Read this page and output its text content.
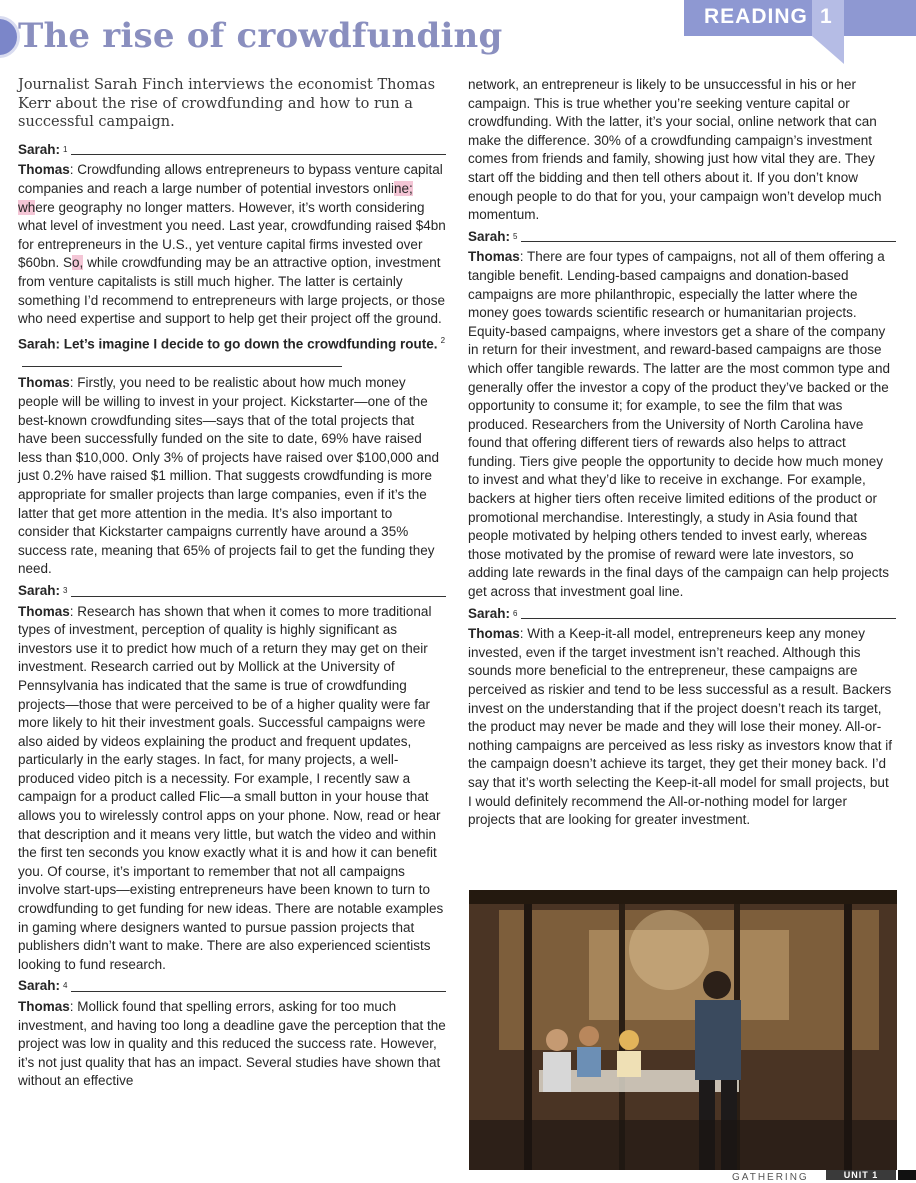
The rise of crowdfunding	READING 1

Journalist Sarah Finch interviews the economist Thomas Kerr about the rise of crowdfunding and how to run a successful campaign.

Sarah: 1

Thomas: Crowdfunding allows entrepreneurs to bypass venture capital companies and reach a large number of potential investors online; where geography no longer matters. However, it’s worth considering what level of investment you need. Last year, crowdfunding raised $4bn for entrepreneurs in the U.S., yet venture capital firms invested over $60bn. So, while crowdfunding may be an attractive option, investment from venture capitalists is still much higher. The latter is certainly something I’d recommend to entrepreneurs with large projects, or those who need expertise and support to help get their project off the ground.

Sarah: Let’s imagine I decide to go down the crowdfunding route. $^2$

Thomas: Firstly, you need to be realistic about how much money people will be willing to invest in your project. Kickstarter—one of the best-known crowdfunding sites—says that of the total projects that have been successfully funded on the site to date, 69% have raised less than $10,000. Only 3% of projects have raised over $100,000 and just 0.2% have raised $1 million. That suggests crowdfunding is more appropriate for smaller projects than large companies, even if it’s the latter that get more attention in the media. It’s also important to consider that Kickstarter campaigns currently have around a 35% success rate, meaning that 65% of projects fail to get the funding they need.

Sarah: 3

Thomas: Research has shown that when it comes to more traditional types of investment, perception of quality is highly significant as investors use it to predict how much of a return they may get on their investment. Research carried out by Mollick at the University of Pennsylvania has indicated that the same is true of crowdfunding projects—those that were perceived to be of a higher quality were far more likely to hit their investment goals. Successful campaigns were also aided by videos explaining the product and frequent updates, particularly in the early stages. In fact, for many projects, a well-produced video pitch is a necessity. For example, I recently saw a campaign for a product called Flic—a small button in your house that allows you to wirelessly control apps on your phone. Now, read or hear that description and it means very little, but watch the video and within the first ten seconds you know exactly what it is and how it can benefit you. Of course, it’s important to remember that not all campaigns involve start-ups—existing entrepreneurs have been known to turn to crowdfunding to get funding for new ideas. There are notable examples in gaming where designers wanted to pursue passion projects that publishers didn’t want to make. There are also experienced scientists looking to fund research.

Sarah: 4

Thomas: Mollick found that spelling errors, asking for too much investment, and having too long a deadline gave the perception that the project was low in quality and this reduced the success rate. However, it’s not just quality that has an impact. Several studies have shown that without an effective

network, an entrepreneur is likely to be unsuccessful in his or her campaign. This is true whether you’re seeking venture capital or crowdfunding. With the latter, it’s your social, online network that can make the difference. 30% of a crowdfunding campaign’s investment comes from friends and family, showing just how vital they are. They start off the bidding and then tell others about it. If you don’t know enough people to do that for you, your campaign won’t develop much momentum.

Sarah: 5

Thomas: There are four types of campaigns, not all of them offering a tangible benefit. Lending-based campaigns and donation-based campaigns are more philanthropic, especially the latter where the money goes towards scientific research or humanitarian projects. Equity-based campaigns, where investors get a share of the company in return for their investment, and reward-based campaigns are those which offer tangible rewards. The latter are the most common type and generally offer the investor a copy of the product they’ve backed or the opportunity to consume it; for example, to see the film that was produced. Researchers from the University of North Carolina have found that offering different tiers of rewards also helps to attract funding. Tiers give people the opportunity to decide how much money to invest and what they’d like to receive in exchange. For example, backers at higher tiers often receive limited editions of the product or promotional merchandise. Interestingly, a study in Asia found that people motivated by helping others tended to invest early, whereas those motivated by the promise of reward were late investors, so adding late rewards in the final days of the campaign can help projects get across that investment goal line.

Sarah: 6

Thomas: With a Keep-it-all model, entrepreneurs keep any money invested, even if the target investment isn’t reached. Although this sounds more beneficial to the entrepreneur, these campaigns are perceived as riskier and tend to be less successful as a result. Backers invest on the understanding that if the project doesn’t reach its target, the product may never be made and they will lose their money. All-or-nothing campaigns are perceived as less risky as investors know that if the campaign doesn’t achieve its target, they get their money back. I’d say that it’s worth selecting the Keep-it-all model for small projects, but I would definitely recommend the All-or-nothing model for larger projects that are looking for greater investment.

GATHERING	UNIT 1
